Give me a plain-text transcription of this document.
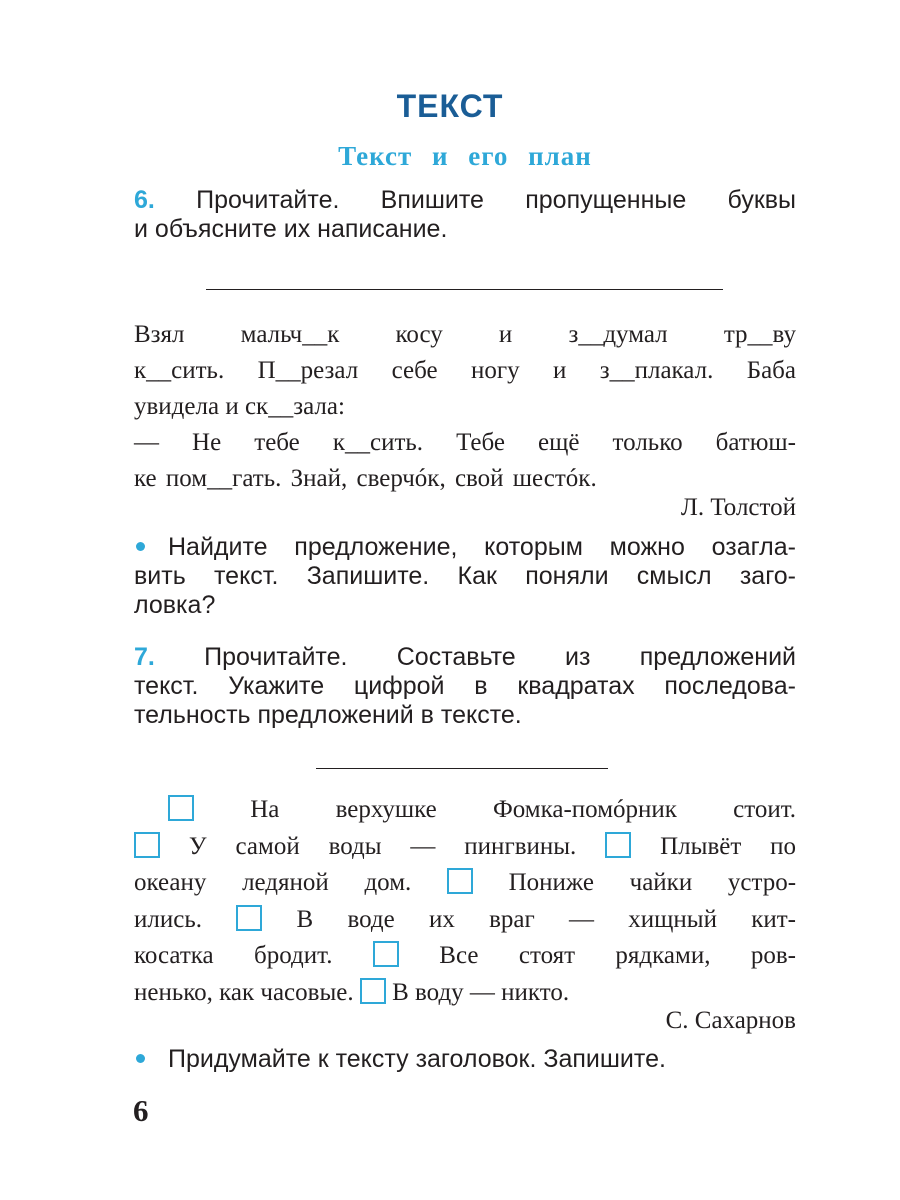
ТЕКСТ
Текст и его план
6. Прочитайте. Впишите пропущенные буквы
и объясните их написание.
Взял мальч__к косу и з__думал тр__ву
к__сить. П__резал себе ногу и з__плакал. Баба
увидела и ск__зала:
— Не тебе к__сить. Тебе ещё только батюш-
ке пом__гать. Знай, сверчóк, свой шестóк.
Л. Толстой
Найдите предложение, которым можно озагла-
вить текст. Запишите. Как поняли смысл заго-
ловка?
7. Прочитайте. Составьте из предложений
текст. Укажите цифрой в квадратах последова-
тельность предложений в тексте.
На верхушке Фомка-помóрник стоит.
У самой воды — пингвины.	Плывёт по
океану ледяной дом.	Пониже чайки устро-
ились.	В воде их враг — хищный кит-
косатка бродит.	Все стоят рядками, ров-
ненько, как часовые. В воду — никто.
С. Сахарнов
Придумайте к тексту заголовок. Запишите.
6
